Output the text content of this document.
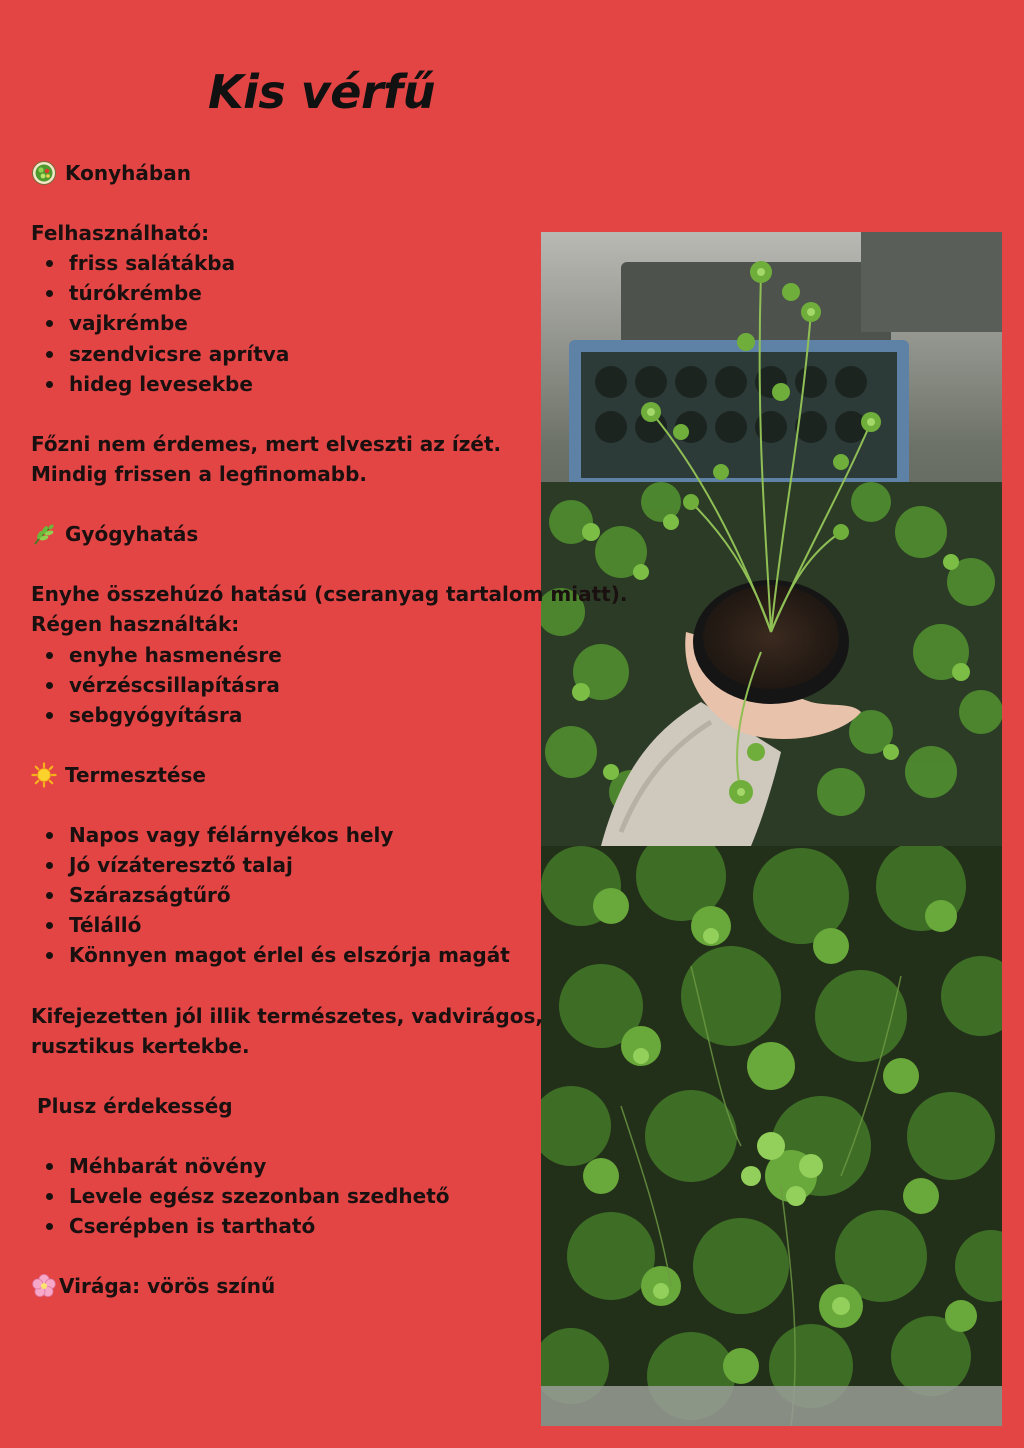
Kis vérfű
Konyhában
Felhasználható:
friss salátákba
túrókrémbe
vajkrémbe
szendvicsre aprítva
hideg levesekbe
Főzni nem érdemes, mert elveszti az ízét.
Mindig frissen a legfinomabb.
Gyógyhatás
Enyhe összehúzó hatású (cseranyag tartalom miatt).
Régen használták:
enyhe hasmenésre
vérzéscsillapításra
sebgyógyításra
Termesztése
Napos vagy félárnyékos hely
Jó vízáteresztő talaj
Szárazságtűrő
Télálló
Könnyen magot érlel és elszórja magát
Kifejezetten jól illik természetes, vadvirágos,
rusztikus kertekbe.
Plusz érdekesség
Méhbarát növény
Levele egész szezonban szedhető
Cserépben is tartható
Virága: vörös színű
